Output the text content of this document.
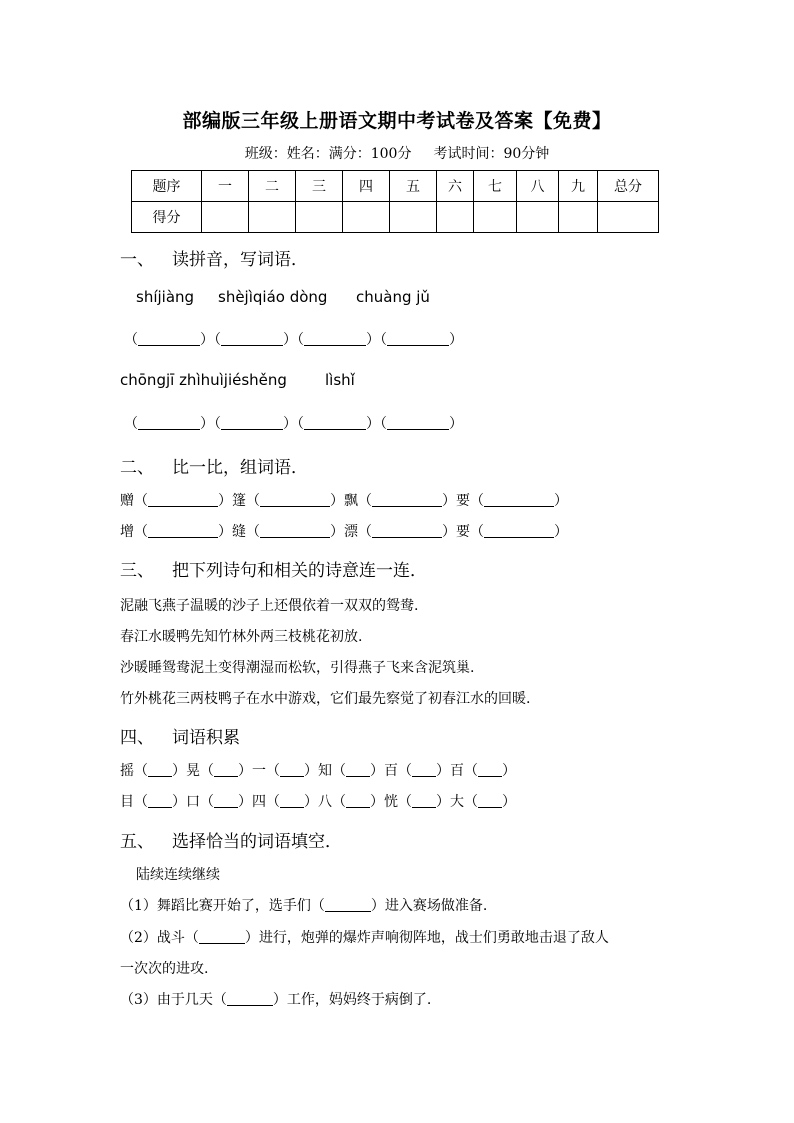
部编版三年级上册语文期中考试卷及答案【免费】
班级：姓名：满分：100分 考试时间：90分钟
题序	一	二	三	四	五	六	七	八	九	总分
得分										
一、 读拼音，写词语．
shíjiàng shèjìqiáo dòng chuàng jǔ
（	）（	）（	）（	）
chōngjī zhìhuìjiéshěng	lìshǐ
（	）（	）（	）（	）
二、 比一比，组词语．
赠（	）篷（	）飘（	）要（	）
增（	）缝（	）漂（	）要（	）
三、 把下列诗句和相关的诗意连一连．
泥融飞燕子温暖的沙子上还偎依着一双双的鸳鸯.
春江水暖鸭先知竹林外两三枝桃花初放.
沙暖睡鸳鸯泥土变得潮湿而松软，引得燕子飞来含泥筑巢.
竹外桃花三两枝鸭子在水中游戏，它们最先察觉了初春江水的回暖.
四、 词语积累
摇（ ）晃（ ）一（ ）知（ ）百（ ）百（ ）
目（ ）口（ ）四（ ）八（ ）恍（ ）大（ ）
五、 选择恰当的词语填空．
陆续连续继续
（1）舞蹈比赛开始了，选手们（	）进入赛场做准备.
（2）战斗（	）进行，炮弹的爆炸声响彻阵地，战士们勇敢地击退了敌人
一次次的进攻.
（3）由于几天（	）工作，妈妈终于病倒了.
